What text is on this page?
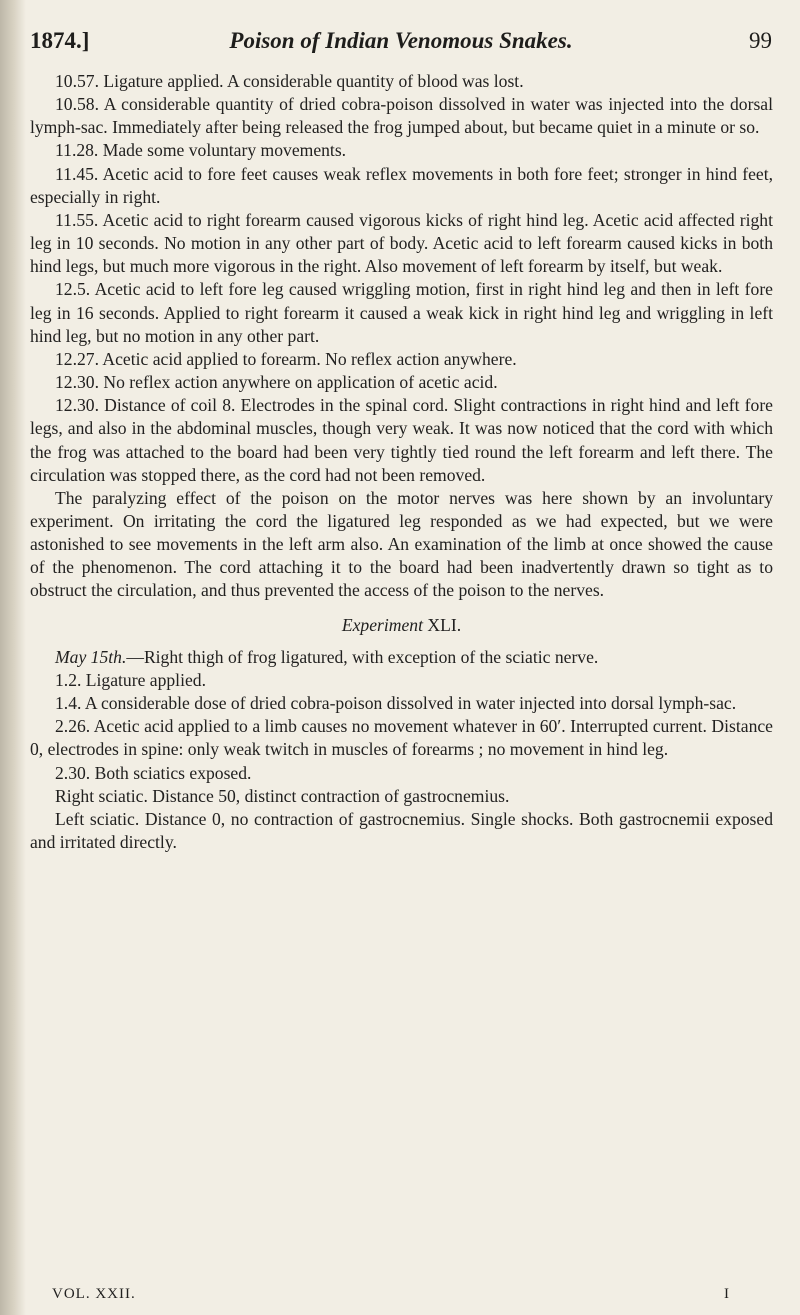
1874.]	Poison of Indian Venomous Snakes.	99

10.57. Ligature applied. A considerable quantity of blood was lost.

10.58. A considerable quantity of dried cobra-poison dissolved in water was injected into the dorsal lymph-sac. Immediately after being released the frog jumped about, but became quiet in a minute or so.

11.28. Made some voluntary movements.

11.45. Acetic acid to fore feet causes weak reflex movements in both fore feet; stronger in hind feet, especially in right.

11.55. Acetic acid to right forearm caused vigorous kicks of right hind leg. Acetic acid affected right leg in 10 seconds. No motion in any other part of body. Acetic acid to left forearm caused kicks in both hind legs, but much more vigorous in the right. Also movement of left forearm by itself, but weak.

12.5. Acetic acid to left fore leg caused wriggling motion, first in right hind leg and then in left fore leg in 16 seconds. Applied to right forearm it caused a weak kick in right hind leg and wriggling in left hind leg, but no motion in any other part.

12.27. Acetic acid applied to forearm. No reflex action anywhere.

12.30. No reflex action anywhere on application of acetic acid.

12.30. Distance of coil 8. Electrodes in the spinal cord. Slight contractions in right hind and left fore legs, and also in the abdominal muscles, though very weak. It was now noticed that the cord with which the frog was attached to the board had been very tightly tied round the left forearm and left there. The circulation was stopped there, as the cord had not been removed.

The paralyzing effect of the poison on the motor nerves was here shown by an involuntary experiment. On irritating the cord the ligatured leg responded as we had expected, but we were astonished to see movements in the left arm also. An examination of the limb at once showed the cause of the phenomenon. The cord attaching it to the board had been inadvertently drawn so tight as to obstruct the circulation, and thus prevented the access of the poison to the nerves.

Experiment XLI.

May 15th.—Right thigh of frog ligatured, with exception of the sciatic nerve.

1.2. Ligature applied.

1.4. A considerable dose of dried cobra-poison dissolved in water injected into dorsal lymph-sac.

2.26. Acetic acid applied to a limb causes no movement whatever in 60′. Interrupted current. Distance 0, electrodes in spine: only weak twitch in muscles of forearms ; no movement in hind leg.

2.30. Both sciatics exposed.

Right sciatic. Distance 50, distinct contraction of gastrocnemius.

Left sciatic. Distance 0, no contraction of gastrocnemius. Single shocks. Both gastrocnemii exposed and irritated directly.

VOL. XXII.	I
